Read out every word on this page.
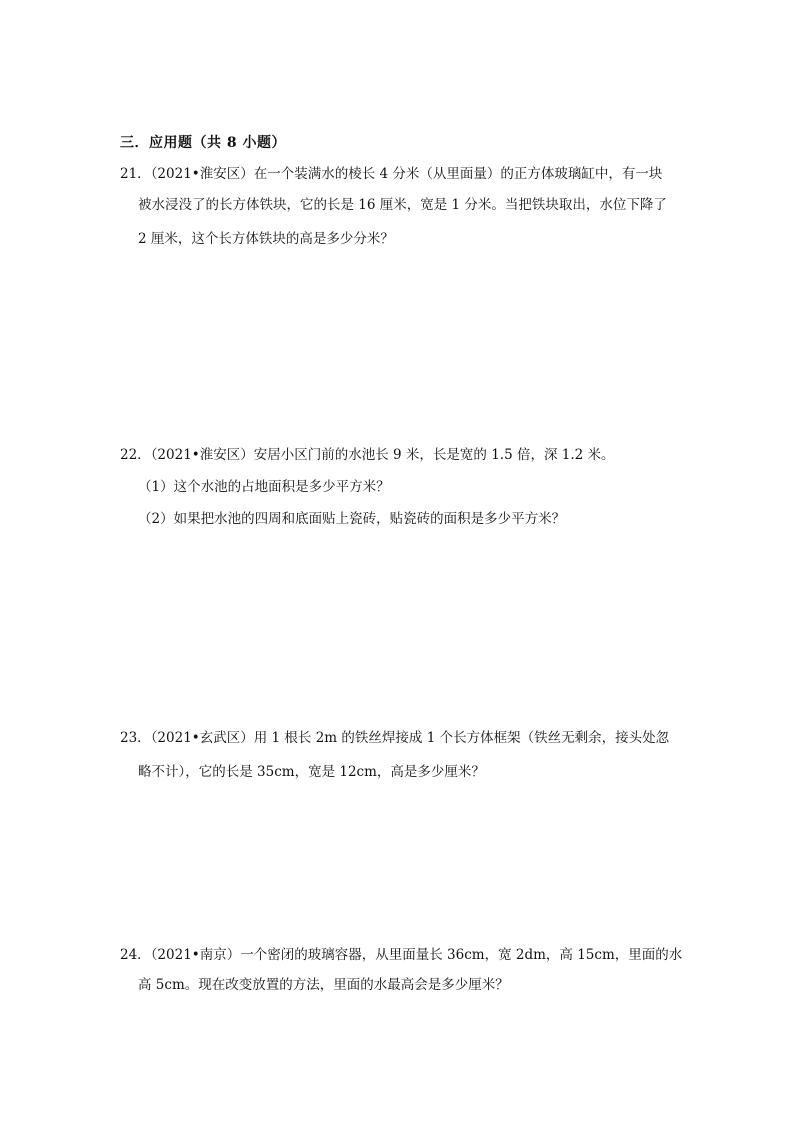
三．应用题（共 8 小题）
21．（2021•淮安区）在一个装满水的棱长 4 分米（从里面量）的正方体玻璃缸中，有一块
被水浸没了的长方体铁块，它的长是 16 厘米，宽是 1 分米。当把铁块取出，水位下降了
2 厘米，这个长方体铁块的高是多少分米？
22．（2021•淮安区）安居小区门前的水池长 9 米，长是宽的 1.5 倍，深 1.2 米。
（1）这个水池的占地面积是多少平方米？
（2）如果把水池的四周和底面贴上瓷砖，贴瓷砖的面积是多少平方米？
23．（2021•玄武区）用 1 根长 2m 的铁丝焊接成 1 个长方体框架（铁丝无剩余，接头处忽
略不计），它的长是 35cm，宽是 12cm，高是多少厘米？
24．（2021•南京）一个密闭的玻璃容器，从里面量长 36cm，宽 2dm，高 15cm，里面的水
高 5cm。现在改变放置的方法，里面的水最高会是多少厘米？
